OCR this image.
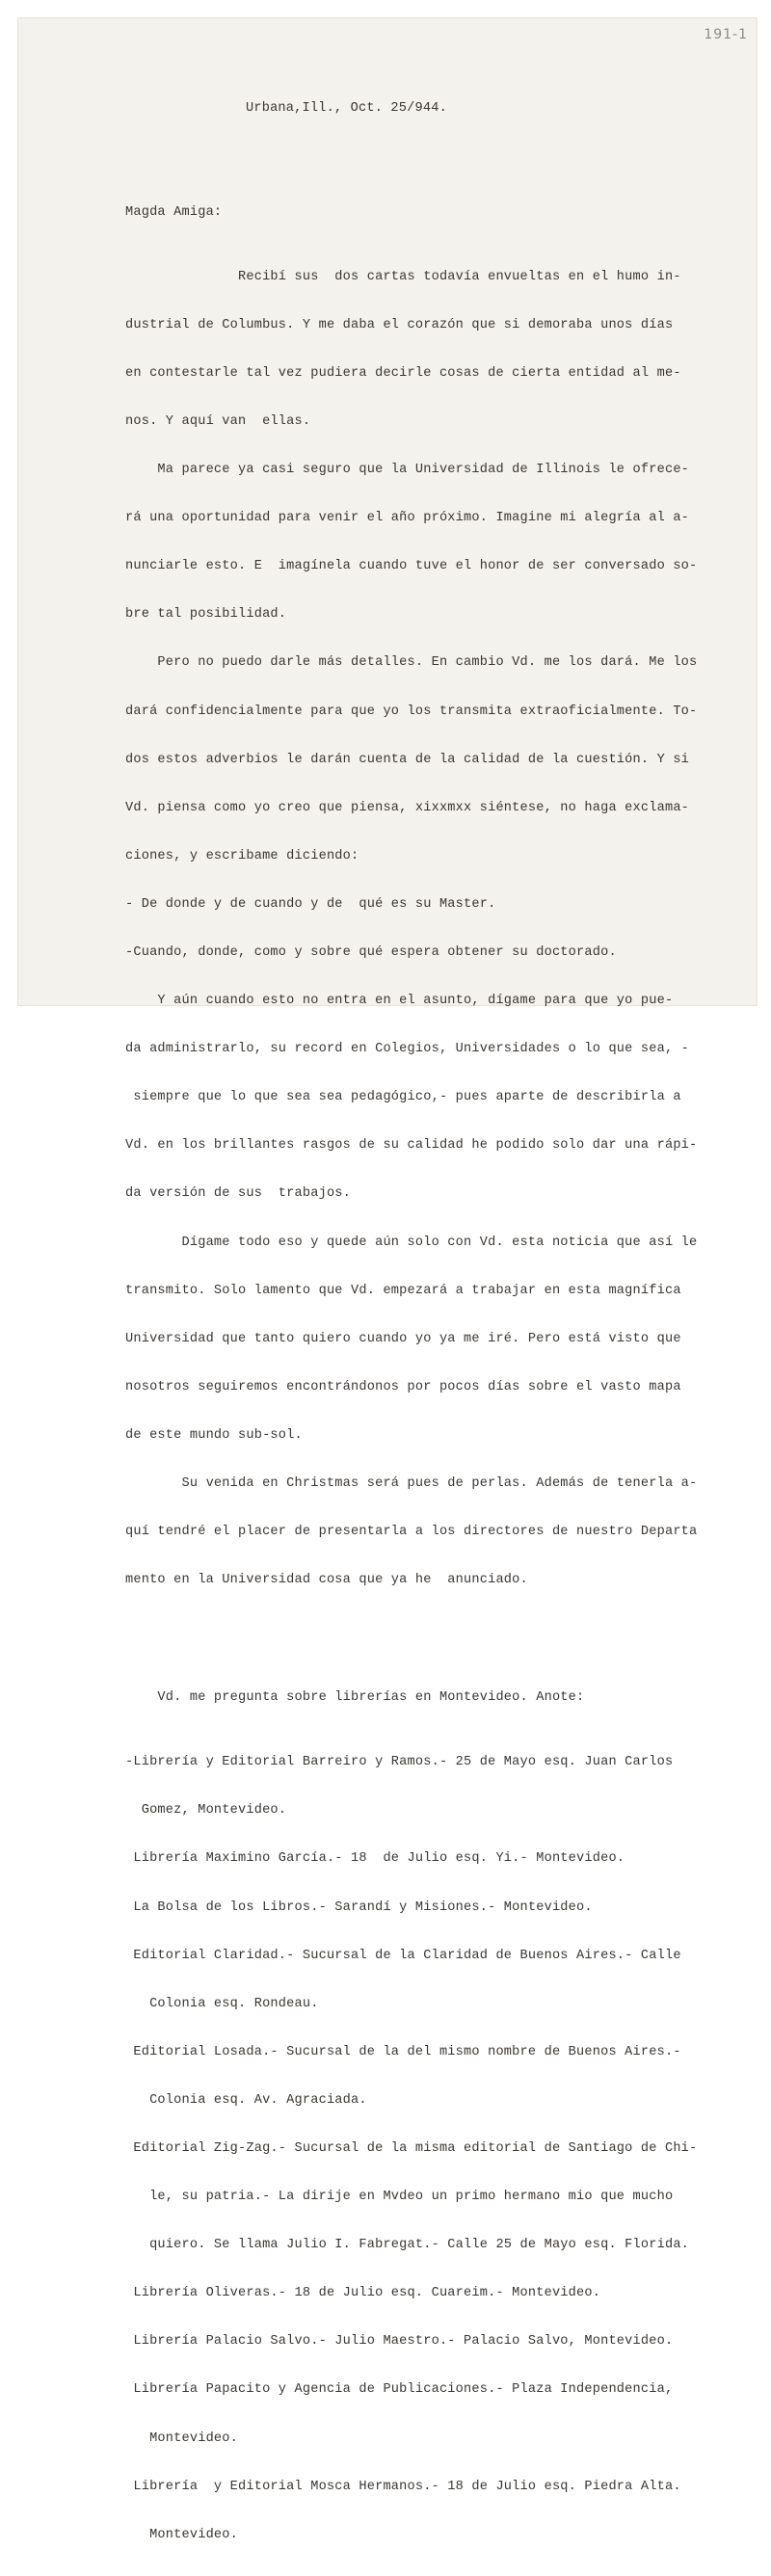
191-1

Urbana,Ill., Oct. 25/944.

Magda Amiga:

Recibí sus  dos cartas todavía envueltas en el humo in-

dustrial de Columbus. Y me daba el corazón que si demoraba unos días

en contestarle tal vez pudiera decirle cosas de cierta entidad al me-

nos. Y aquí van  ellas.

Ma parece ya casi seguro que la Universidad de Illinois le ofrece-

rá una oportunidad para venir el año próximo. Imagine mi alegría al a-

nunciarle esto. E  imagínela cuando tuve el honor de ser conversado so-

bre tal posibilidad.

Pero no puedo darle más detalles. En cambio Vd. me los dará. Me los

dará confidencialmente para que yo los transmita extraoficialmente. To-

dos estos adverbios le darán cuenta de la calidad de la cuestión. Y si

Vd. piensa como yo creo que piensa, xixxmxx siéntese, no haga exclama-

ciones, y escribame diciendo:

- De donde y de cuando y de  qué es su Master.

-Cuando, donde, como y sobre qué espera obtener su doctorado.

Y aún cuando esto no entra en el asunto, dígame para que yo pue-

da administrarlo, su record en Colegios, Universidades o lo que sea, -

siempre que lo que sea sea pedagógico,- pues aparte de describirla a

Vd. en los brillantes rasgos de su calidad he podido solo dar una rápi-

da versión de sus  trabajos.

Dígame todo eso y quede aún solo con Vd. esta noticia que así le

transmito. Solo lamento que Vd. empezará a trabajar en esta magnífica

Universidad que tanto quiero cuando yo ya me iré. Pero está visto que

nosotros seguiremos encontrándonos por pocos días sobre el vasto mapa

de este mundo sub-sol.

Su venida en Christmas será pues de perlas. Además de tenerla a-

quí tendré el placer de presentarla a los directores de nuestro Departa

mento en la Universidad cosa que ya he  anunciado.

Vd. me pregunta sobre librerías en Montevideo. Anote:

-Librería y Editorial Barreiro y Ramos.- 25 de Mayo esq. Juan Carlos

Gomez, Montevideo.

Librería Maximino García.- 18  de Julio esq. Yi.- Montevideo.

La Bolsa de los Libros.- Sarandí y Misiones.- Montevideo.

Editorial Claridad.- Sucursal de la Claridad de Buenos Aires.- Calle

Colonia esq. Rondeau.

Editorial Losada.- Sucursal de la del mismo nombre de Buenos Aires.-

Colonia esq. Av. Agraciada.

Editorial Zig-Zag.- Sucursal de la misma editorial de Santiago de Chi-

le, su patria.- La dirije en Mvdeo un primo hermano mio que mucho

quiero. Se llama Julio I. Fabregat.- Calle 25 de Mayo esq. Florida.

Librería Oliveras.- 18 de Julio esq. Cuareim.- Montevideo.

Librería Palacio Salvo.- Julio Maestro.- Palacio Salvo, Montevideo.

Librería Papacito y Agencia de Publicaciones.- Plaza Independencia,

Montevideo.

Librería  y Editorial Mosca Hermanos.- 18 de Julio esq. Piedra Alta.

Montevideo.
